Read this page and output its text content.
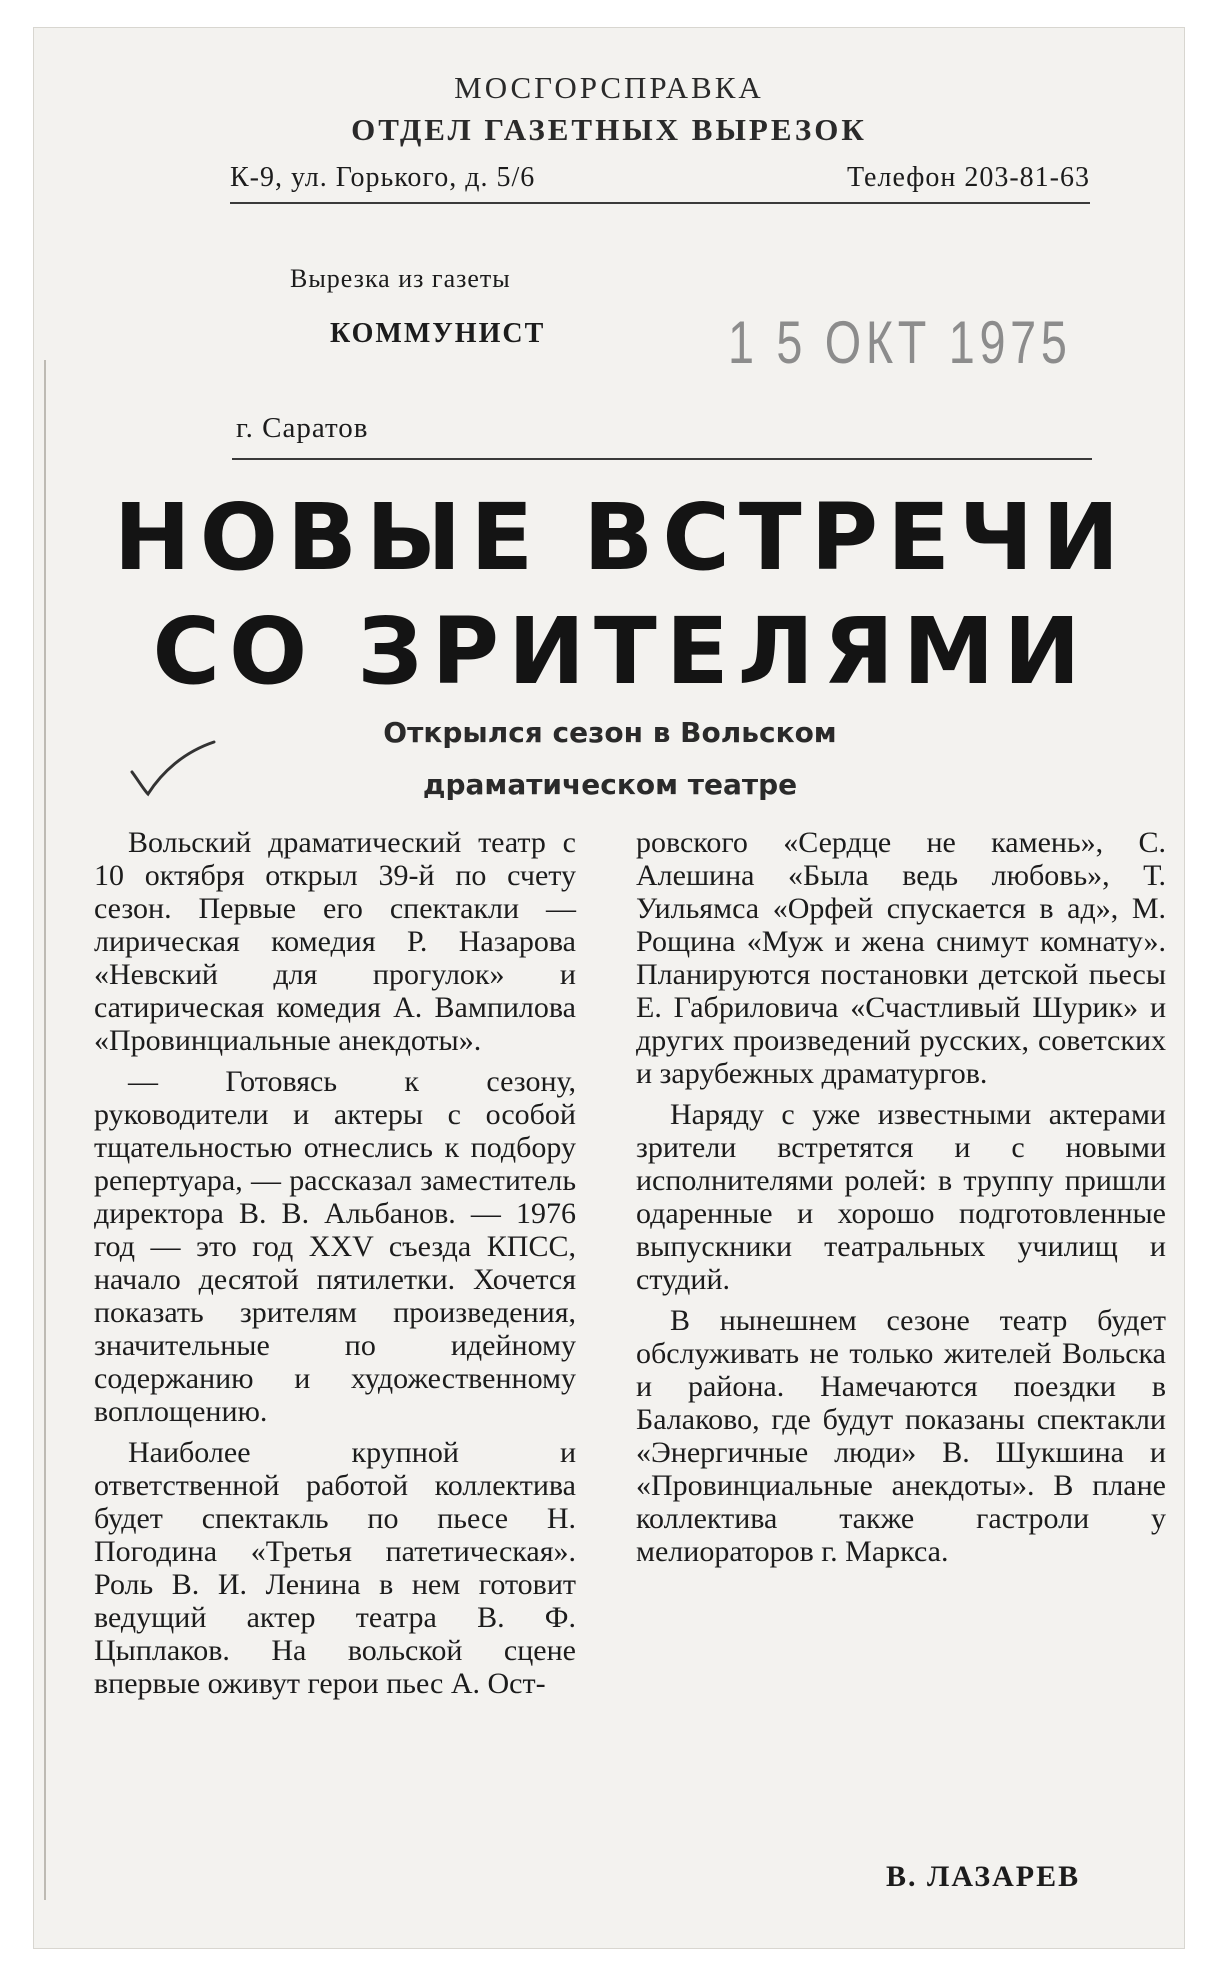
МОСГОРСПРАВКА
ОТДЕЛ ГАЗЕТНЫХ ВЫРЕЗОК
К-9, ул. Горького, д. 5/6	Телефон 203-81-63
Вырезка из газеты
КОММУНИСТ	1 5 ОКТ 1975
г. Саратов
НОВЫЕ ВСТРЕЧИ
СО ЗРИТЕЛЯМИ
Открылся сезон в Вольском
драматическом театре

Вольский драматический театр с 10 октября открыл 39-й по счету сезон. Первые его спектакли — лирическая комедия Р. Назарова «Невский для прогулок» и сатирическая комедия А. Вампилова «Провинциальные анекдоты».

— Готовясь к сезону, руководители и актеры с особой тщательностью отнеслись к подбору репертуара, — рассказал заместитель директора В. В. Альбанов. — 1976 год — это год XXV съезда КПСС, начало десятой пятилетки. Хочется показать зрителям произведения, значительные по идейному содержанию и художественному воплощению.

Наиболее крупной и ответственной работой коллектива будет спектакль по пьесе Н. Погодина «Третья патетическая». Роль В. И. Ленина в нем готовит ведущий актер театра В. Ф. Цыплаков. На вольской сцене впервые оживут герои пьес А. Ост-

ровского «Сердце не камень», С. Алешина «Была ведь любовь», Т. Уильямса «Орфей спускается в ад», М. Рощина «Муж и жена снимут комнату». Планируются постановки детской пьесы Е. Габриловича «Счастливый Шурик» и других произведений русских, советских и зарубежных драматургов.

Наряду с уже известными актерами зрители встретятся и с новыми исполнителями ролей: в труппу пришли одаренные и хорошо подготовленные выпускники театральных училищ и студий.

В нынешнем сезоне театр будет обслуживать не только жителей Вольска и района. Намечаются поездки в Балаково, где будут показаны спектакли «Энергичные люди» В. Шукшина и «Провинциальные анекдоты». В плане коллектива также гастроли у мелиораторов г. Маркса.

В. ЛАЗАРЕВ
